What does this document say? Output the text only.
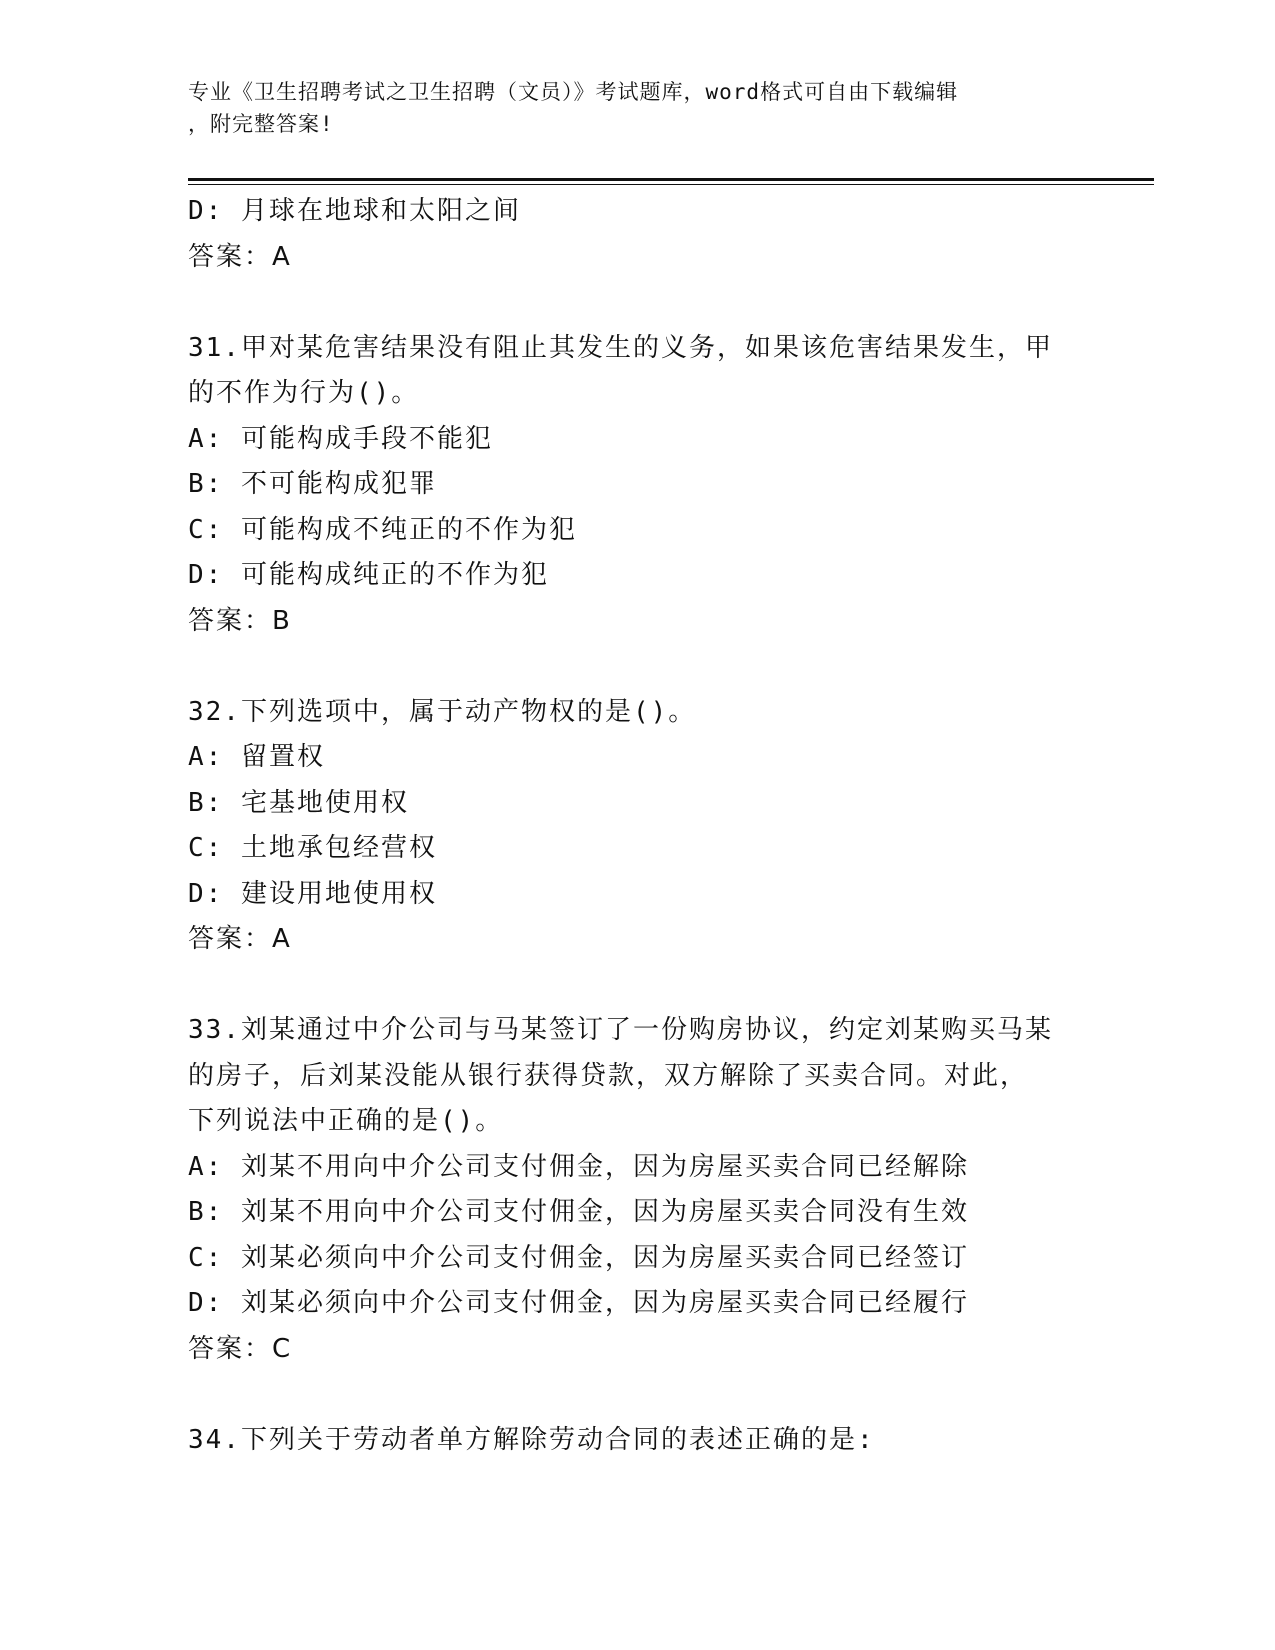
专业《卫生招聘考试之卫生招聘（文员）》考试题库，word格式可自由下载编辑
，附完整答案!
D: 月球在地球和太阳之间
答案：A
31.甲对某危害结果没有阻止其发生的义务，如果该危害结果发生，甲
的不作为行为()。
A: 可能构成手段不能犯
B: 不可能构成犯罪
C: 可能构成不纯正的不作为犯
D: 可能构成纯正的不作为犯
答案：B
32.下列选项中，属于动产物权的是()。
A: 留置权
B: 宅基地使用权
C: 土地承包经营权
D: 建设用地使用权
答案：A
33.刘某通过中介公司与马某签订了一份购房协议，约定刘某购买马某
的房子，后刘某没能从银行获得贷款，双方解除了买卖合同。对此，
下列说法中正确的是()。
A: 刘某不用向中介公司支付佣金，因为房屋买卖合同已经解除
B: 刘某不用向中介公司支付佣金，因为房屋买卖合同没有生效
C: 刘某必须向中介公司支付佣金，因为房屋买卖合同已经签订
D: 刘某必须向中介公司支付佣金，因为房屋买卖合同已经履行
答案：C
34.下列关于劳动者单方解除劳动合同的表述正确的是:
